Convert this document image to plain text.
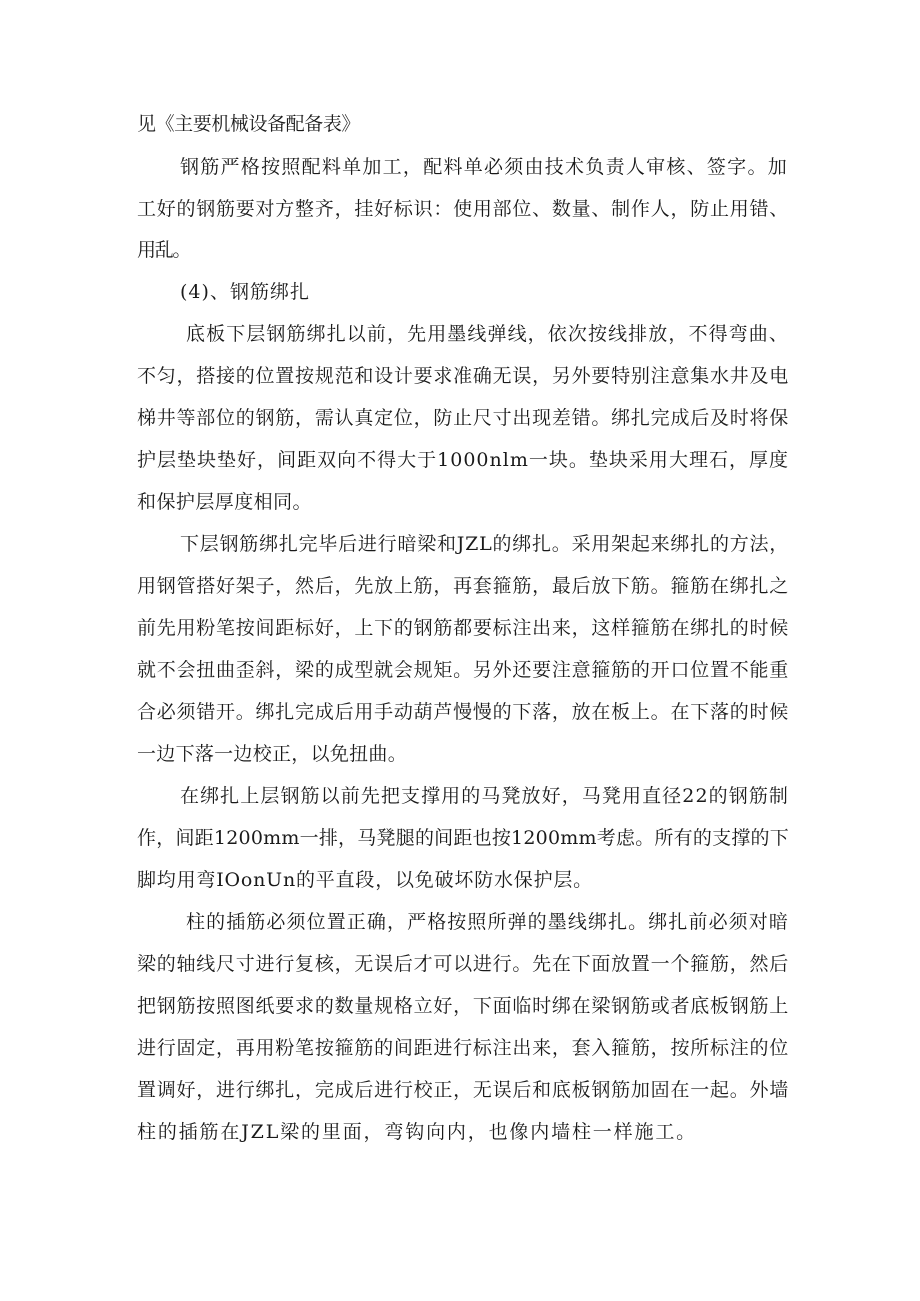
见《主要机械设备配备表》
钢筋严格按照配料单加工，配料单必须由技术负责人审核、签字。加
工好的钢筋要对方整齐，挂好标识：使用部位、数量、制作人，防止用错、
用乱。
(4)、钢筋绑扎
底板下层钢筋绑扎以前，先用墨线弹线，依次按线排放，不得弯曲、
不匀，搭接的位置按规范和设计要求准确无误，另外要特别注意集水井及电
梯井等部位的钢筋，需认真定位，防止尺寸出现差错。绑扎完成后及时将保
护层垫块垫好，间距双向不得大于1000nlm一块。垫块采用大理石，厚度
和保护层厚度相同。
下层钢筋绑扎完毕后进行暗梁和JZL的绑扎。采用架起来绑扎的方法，
用钢管搭好架子，然后，先放上筋，再套箍筋，最后放下筋。箍筋在绑扎之
前先用粉笔按间距标好，上下的钢筋都要标注出来，这样箍筋在绑扎的时候
就不会扭曲歪斜，梁的成型就会规矩。另外还要注意箍筋的开口位置不能重
合必须错开。绑扎完成后用手动葫芦慢慢的下落，放在板上。在下落的时候
一边下落一边校正，以免扭曲。
在绑扎上层钢筋以前先把支撑用的马凳放好，马凳用直径22的钢筋制
作，间距1200mm一排，马凳腿的间距也按1200mm考虑。所有的支撑的下
脚均用弯IOonUn的平直段，以免破坏防水保护层。
柱的插筋必须位置正确，严格按照所弹的墨线绑扎。绑扎前必须对暗
梁的轴线尺寸进行复核，无误后才可以进行。先在下面放置一个箍筋，然后
把钢筋按照图纸要求的数量规格立好，下面临时绑在梁钢筋或者底板钢筋上
进行固定，再用粉笔按箍筋的间距进行标注出来，套入箍筋，按所标注的位
置调好，进行绑扎，完成后进行校正，无误后和底板钢筋加固在一起。外墙
柱的插筋在JZL梁的里面，弯钩向内，也像内墙柱一样施工。
